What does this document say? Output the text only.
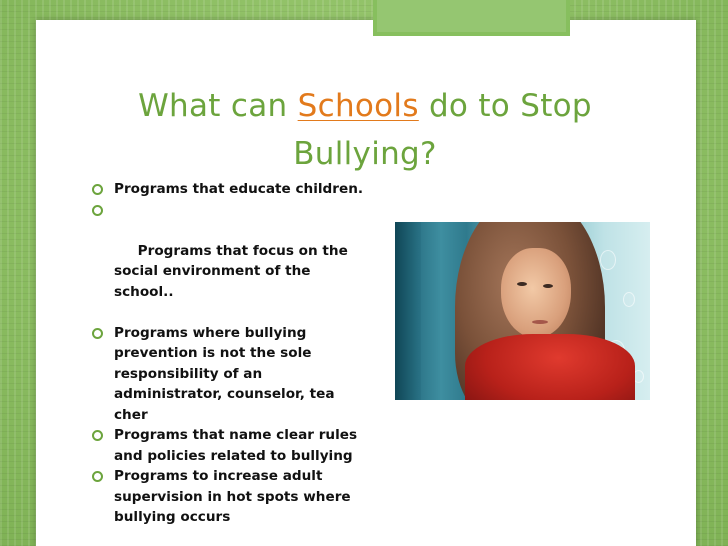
What can Schools do to Stop Bullying?
Programs that educate children.

Programs that focus on the social environment of the school..

Programs where bullying prevention is not the sole responsibility of an administrator, counselor, tea cher
Programs that name clear rules and policies related to bullying
Programs to increase adult supervision in hot spots where bullying occurs
